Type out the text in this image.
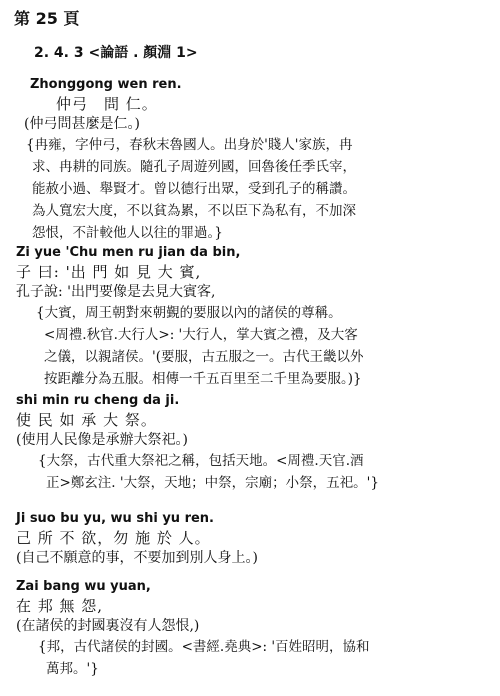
第 25 頁
2. 4. 3 <論語 . 顏淵 1>
Zhonggong wen ren.
仲弓　問 仁。
(仲弓問甚麼是仁。)
{冉雍，字仲弓，春秋末魯國人。出身於'賤人'家族，冉
求、冉耕的同族。隨孔子周遊列國，回魯後任季氏宰，
能赦小過、舉賢才。曾以德行出眾，受到孔子的稱讚。
為人寬宏大度，不以貧為累，不以臣下為私有，不加深
怨恨，不計較他人以往的罪過。}
Zi yue 'Chu men ru jian da bin,
子 曰: '出 門 如 見 大 賓,
孔子說: '出門要像是去見大賓客,
{大賓，周王朝對來朝覲的要服以內的諸侯的尊稱。
<周禮.秋官.大行人>: '大行人，掌大賓之禮，及大客
之儀，以親諸侯。'(要服，古五服之一。古代王畿以外
按距離分為五服。相傳一千五百里至二千里為要服。)}
shi min ru cheng da ji.
使 民 如 承 大 祭。
(使用人民像是承辦大祭祀。)
{大祭，古代重大祭祀之稱，包括天地。<周禮.天官.酒
正>鄭玄注. '大祭，天地；中祭，宗廟；小祭，五祀。'}
Ji suo bu yu, wu shi yu ren.
己 所 不 欲，勿 施 於 人。
(自己不願意的事，不要加到別人身上。)
Zai bang wu yuan,
在 邦 無 怨,
(在諸侯的封國裏沒有人怨恨,)
{邦，古代諸侯的封國。<書經.堯典>: '百姓昭明，協和
萬邦。'}
